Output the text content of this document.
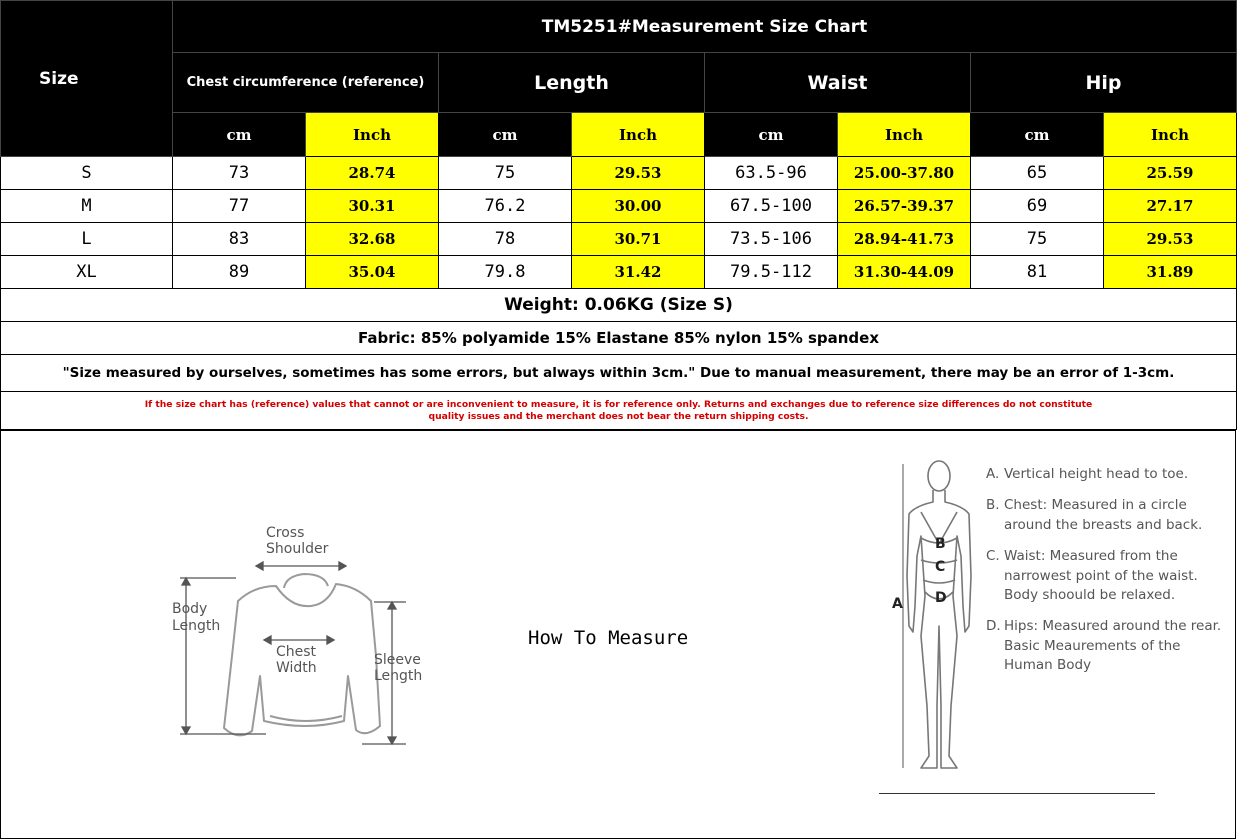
Size	TM5251#Measurement Size Chart							
	Chest circumference (reference)		Length		Waist		Hip	
	cm	Inch	cm	Inch	cm	Inch	cm	Inch
S	73	28.74	75	29.53	63.5-96	25.00-37.80	65	25.59
M	77	30.31	76.2	30.00	67.5-100	26.57-39.37	69	27.17
L	83	32.68	78	30.71	73.5-106	28.94-41.73	75	29.53
XL	89	35.04	79.8	31.42	79.5-112	31.30-44.09	81	31.89
Weight: 0.06KG (Size S)								
Fabric: 85% polyamide 15% Elastane 85% nylon 15% spandex								
"Size measured by ourselves, sometimes has some errors, but always within 3cm." Due to manual measurement, there may be an error of 1-3cm.								
If the size chart has (reference) values that cannot or are inconvenient to measure, it is for reference only. Returns and exchanges due to reference size differences do not constitute quality issues and the merchant does not bear the return shipping costs.								
Cross
Shoulder
Body
Length
Chest
Width	Sleeve
Length
How To Measure
A
B
C
D
A. Vertical height head to toe.
B. Chest: Measured in a circle around the breasts and back.
C. Waist: Measured from the narrowest point of the waist. Body shoould be relaxed.
D. Hips: Measured around the rear. Basic Meaurements of the Human Body
